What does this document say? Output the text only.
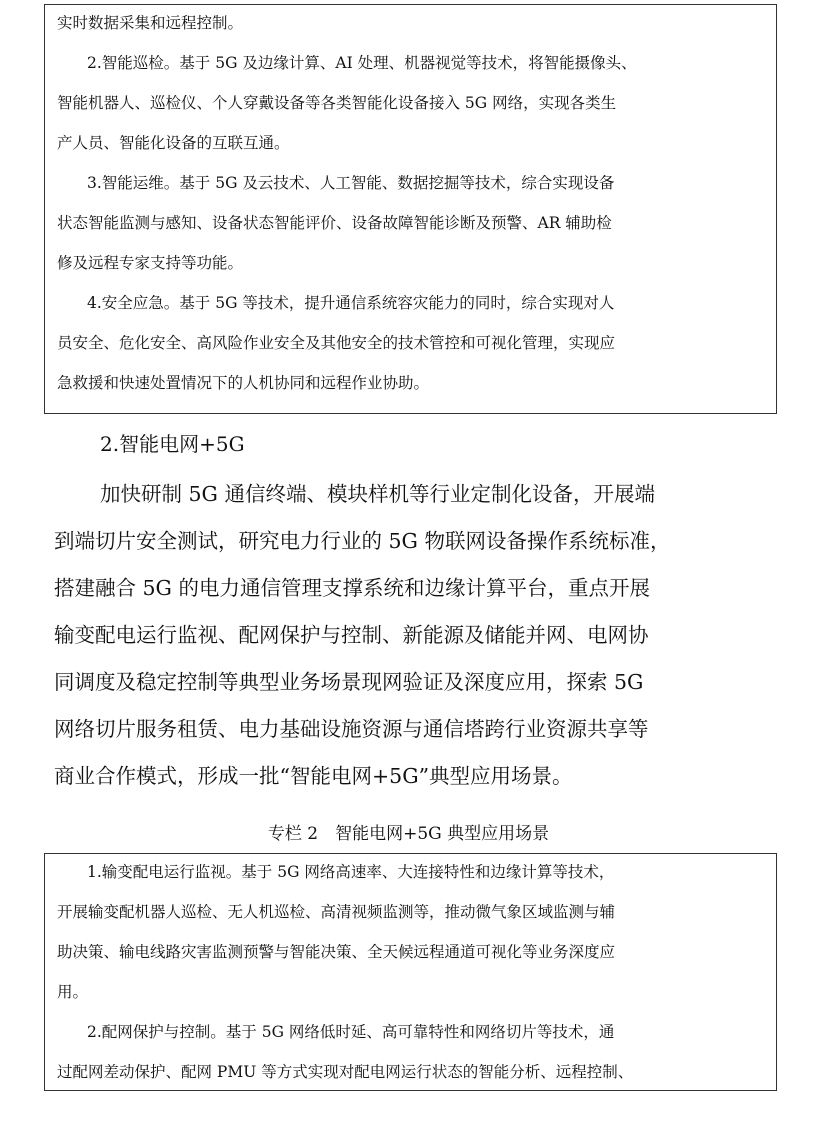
实时数据采集和远程控制。
2.智能巡检。基于 5G 及边缘计算、AI 处理、机器视觉等技术，将智能摄像头、
智能机器人、巡检仪、个人穿戴设备等各类智能化设备接入 5G 网络，实现各类生
产人员、智能化设备的互联互通。
3.智能运维。基于 5G 及云技术、人工智能、数据挖掘等技术，综合实现设备
状态智能监测与感知、设备状态智能评价、设备故障智能诊断及预警、AR 辅助检
修及远程专家支持等功能。
4.安全应急。基于 5G 等技术，提升通信系统容灾能力的同时，综合实现对人
员安全、危化安全、高风险作业安全及其他安全的技术管控和可视化管理，实现应
急救援和快速处置情况下的人机协同和远程作业协助。
2.智能电网+5G
加快研制 5G 通信终端、模块样机等行业定制化设备，开展端
到端切片安全测试，研究电力行业的 5G 物联网设备操作系统标准，
搭建融合 5G 的电力通信管理支撑系统和边缘计算平台，重点开展
输变配电运行监视、配网保护与控制、新能源及储能并网、电网协
同调度及稳定控制等典型业务场景现网验证及深度应用，探索 5G
网络切片服务租赁、电力基础设施资源与通信塔跨行业资源共享等
商业合作模式，形成一批“智能电网+5G”典型应用场景。
专栏 2　智能电网+5G 典型应用场景
1.输变配电运行监视。基于 5G 网络高速率、大连接特性和边缘计算等技术，
开展输变配机器人巡检、无人机巡检、高清视频监测等，推动微气象区域监测与辅
助决策、输电线路灾害监测预警与智能决策、全天候远程通道可视化等业务深度应
用。
2.配网保护与控制。基于 5G 网络低时延、高可靠特性和网络切片等技术，通
过配网差动保护、配网 PMU 等方式实现对配电网运行状态的智能分析、远程控制、
